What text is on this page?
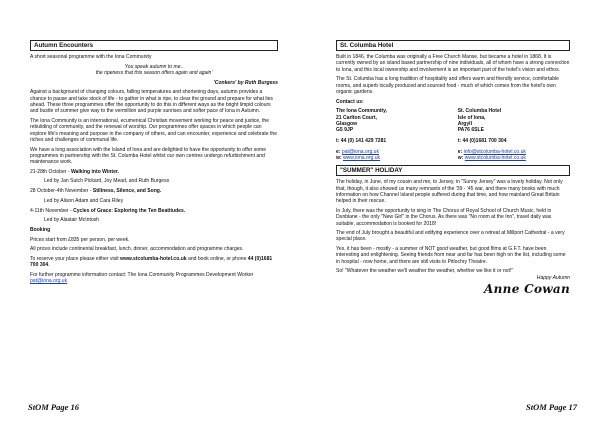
Autumn Encounters

A short seasonal programme with the Iona Community

You speak autumn to me..

the ripeness that this season offers again and again'

'Conkers' by Ruth Burgess

Against a background of changing colours, falling temperatures and shortening days, autumn provides a chance to pause and take stock of life - to gather in what is ripe, to clear the ground and prepare for what lies ahead. These three programmes offer the opportunity to do this in different ways as the bright limpid colours and bustle of summer give way to the vermillion and purple sunrises and softer pace of Iona in Autumn.

The Iona Community is an international, ecumenical Christian movement working for peace and justice, the rebuilding of community, and the renewal of worship. Our programmes offer spaces in which people can explore life's meaning and purpose in the company of others, and can encounter, experience and celebrate the riches and challenges of communal life.

We have a long association with the Island of Iona and are delighted to have the opportunity to offer some programmes in partnership with the St. Columba Hotel whilst our own centres undergo refurbishment and maintenance work.

21-28th October - Walking into Winter.

Led by Jan Sutch Pickard, Joy Mead, and Ruth Burgess

28 October-4th November - Stillness, Silence, and Song.

Led by Alison Adam and Cara Riley

4-11th November - Cycles of Grace: Exploring the Ten Beatitudes.

Led by Alastair McIntosh

Booking

Prices start from £835 per person, per week.

All prices include continental breakfast, lunch, dinner, accommodation and programme charges.

To reserve your place please either visit www.stcolumba-hotel.co.uk and book online, or phone 44 (0)1681 700 304.

For further programme information contact: The Iona Community Programmes Development Worker pat@iona.org.uk

StOM Page 16
St. Columba Hotel

Built in 1846, the Columba was originally a Free Church Manse, but became a hotel in 1868. It is currently owned by an island based partnership of nine individuals, all of whom have a strong connection to Iona, and this local ownership and involvement is an important part of the hotel's vision and ethos.

The St. Columba has a long tradition of hospitality and offers warm and friendly service, comfortable rooms, and superb locally produced and sourced food - much of which comes from the hotel's own organic gardens.

Contact us:

The Iona Community,
21 Carlton Court,
Glasgow
G5 9JP
t: 44 (0) 141 429 7281
e: pat@iona.org.uk
w: www.iona.org.uk
St. Columba Hotel
Isle of Iona,
Argyll
PA76 6SLE
t: 44 (0)1681 700 304
e: info@stcolumba-hotel.co.uk
w: www.stcolumba-hotel.co.uk
"SUMMER" HOLIDAY

The holiday, in June, of my cousin and me, to Jersey, in "Sunny Jersey" was a lovely holiday. Not only that, though, it also showed us many remnants of the '39 - '45 war, and there many books with much information on how Channel Island people suffered during that time, and how mainland Great Britain helped in their rescue.

In July, there was the opportunity to sing in The Chorus of Royal School of Church Music, held in Dunblane - the only "New Girl" in the Chorus. As there was "No room at the Inn", travel daily was suitable, accommodation is booked for 2018!

The end of July brought a beautiful and edifying experience over a retreat at Millport Cathedral - a very special place.

Yes, it has been - mostly - a summer of NOT good weather, but good films at G.F.T. have been interesting and enlightening. Seeing friends from near and far has been high on the list, including some in hospital - now home, and there are still visits to Pitlochry Theatre.

So! "Whatever the weather we'll weather the weather, whether we like it or not!"

Happy Autumn

Anne Cowan
StOM Page 17
